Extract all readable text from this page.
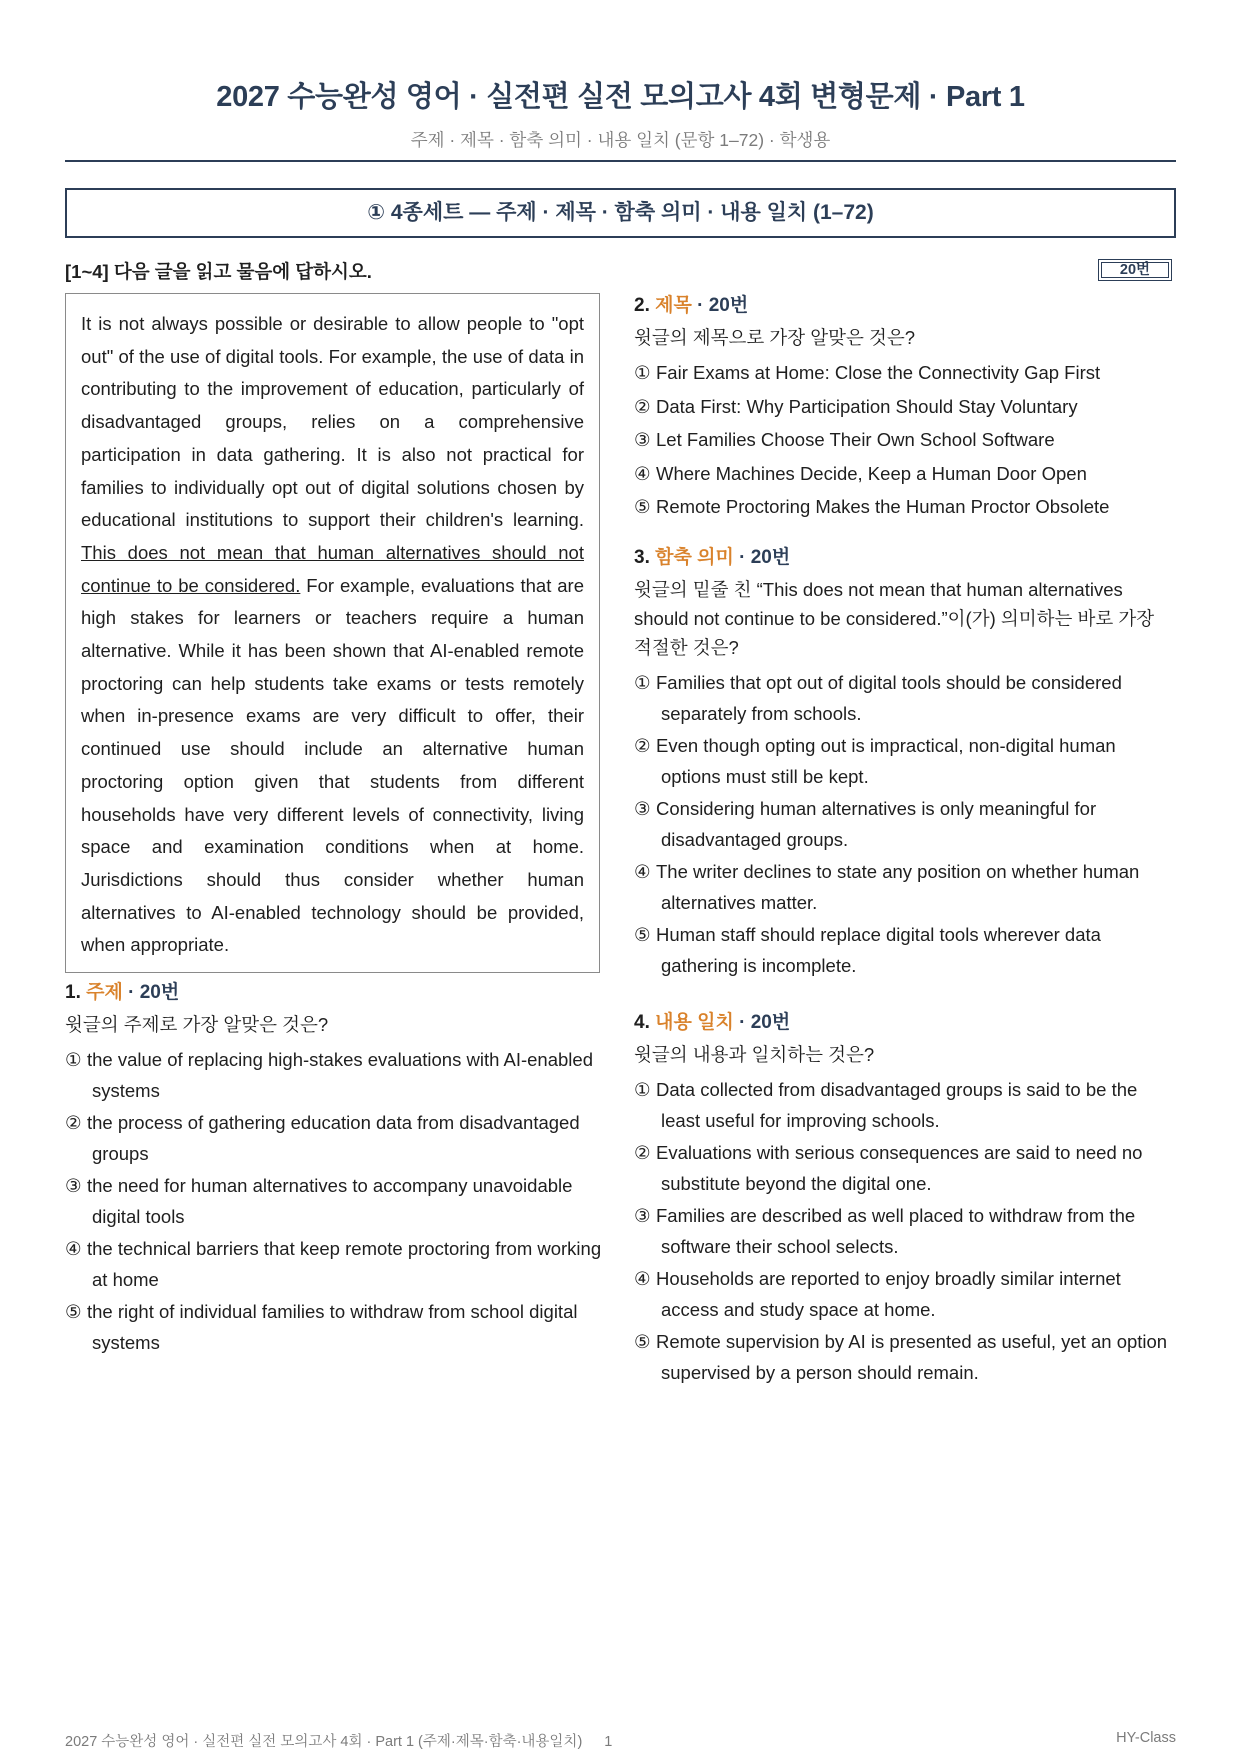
2027 수능완성 영어 · 실전편 실전 모의고사 4회 변형문제 · Part 1
주제 · 제목 · 함축 의미 · 내용 일치 (문항 1–72) · 학생용
① 4종세트 — 주제 · 제목 · 함축 의미 · 내용 일치 (1–72)
[1~4] 다음 글을 읽고 물음에 답하시오.	20번
It is not always possible or desirable to allow people to "opt out" of the use of digital tools. For example, the use of data in contributing to the improvement of education, particularly of disadvantaged groups, relies on a comprehensive participation in data gathering. It is also not practical for families to individually opt out of digital solutions chosen by educational institutions to support their children's learning. This does not mean that human alternatives should not continue to be considered. For example, evaluations that are high stakes for learners or teachers require a human alternative. While it has been shown that AI-enabled remote proctoring can help students take exams or tests remotely when in-presence exams are very difficult to offer, their continued use should include an alternative human proctoring option given that students from different households have very different levels of connectivity, living space and examination conditions when at home. Jurisdictions should thus consider whether human alternatives to AI-enabled technology should be provided, when appropriate.
1. 주제 · 20번
윗글의 주제로 가장 알맞은 것은?
① the value of replacing high-stakes evaluations with AI-enabled systems
② the process of gathering education data from disadvantaged groups
③ the need for human alternatives to accompany unavoidable digital tools
④ the technical barriers that keep remote proctoring from working at home
⑤ the right of individual families to withdraw from school digital systems
2. 제목 · 20번
윗글의 제목으로 가장 알맞은 것은?
① Fair Exams at Home: Close the Connectivity Gap First
② Data First: Why Participation Should Stay Voluntary
③ Let Families Choose Their Own School Software
④ Where Machines Decide, Keep a Human Door Open
⑤ Remote Proctoring Makes the Human Proctor Obsolete
3. 함축 의미 · 20번
윗글의 밑줄 친 “This does not mean that human alternatives should not continue to be considered.”이(가) 의미하는 바로 가장 적절한 것은?
① Families that opt out of digital tools should be considered separately from schools.
② Even though opting out is impractical, non-digital human options must still be kept.
③ Considering human alternatives is only meaningful for disadvantaged groups.
④ The writer declines to state any position on whether human alternatives matter.
⑤ Human staff should replace digital tools wherever data gathering is incomplete.
4. 내용 일치 · 20번
윗글의 내용과 일치하는 것은?
① Data collected from disadvantaged groups is said to be the least useful for improving schools.
② Evaluations with serious consequences are said to need no substitute beyond the digital one.
③ Families are described as well placed to withdraw from the software their school selects.
④ Households are reported to enjoy broadly similar internet access and study space at home.
⑤ Remote supervision by AI is presented as useful, yet an option supervised by a person should remain.
2027 수능완성 영어 · 실전편 실전 모의고사 4회 · Part 1 (주제·제목·함축·내용일치) 1	HY-Class
